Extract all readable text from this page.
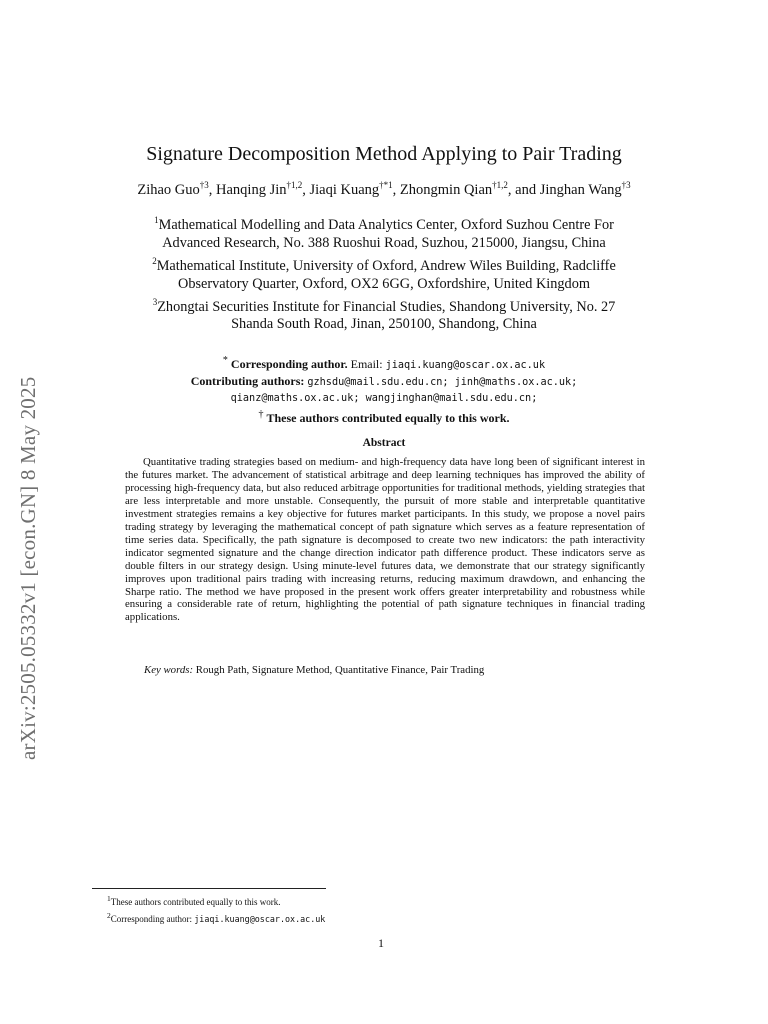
arXiv:2505.05332v1 [econ.GN] 8 May 2025
Signature Decomposition Method Applying to Pair Trading
Zihao Guo$^{\dagger 3}$, Hanqing Jin$^{\dagger 1,2}$, Jiaqi Kuang$^{\dagger*1}$, Zhongmin Qian$^{\dagger 1,2}$, and Jinghan Wang$^{\dagger 3}$
$^1$Mathematical Modelling and Data Analytics Center, Oxford Suzhou Centre For
Advanced Research, No. 388 Ruoshui Road, Suzhou, 215000, Jiangsu, China
$^2$Mathematical Institute, University of Oxford, Andrew Wiles Building, Radcliffe
Observatory Quarter, Oxford, OX2 6GG, Oxfordshire, United Kingdom
$^3$Zhongtai Securities Institute for Financial Studies, Shandong University, No. 27
Shanda South Road, Jinan, 250100, Shandong, China
* Corresponding author. Email: jiaqi.kuang@oscar.ox.ac.uk
Contributing authors: gzhsdu@mail.sdu.edu.cn; jinh@maths.ox.ac.uk;
qianz@maths.ox.ac.uk; wangjinghan@mail.sdu.edu.cn;
† These authors contributed equally to this work.
Abstract
Quantitative trading strategies based on medium- and high-frequency data have long been of significant interest in the futures market. The advancement of statistical arbitrage and deep learning techniques has improved the ability of processing high-frequency data, but also reduced arbitrage opportunities for traditional methods, yielding strategies that are less interpretable and more unstable. Consequently, the pursuit of more stable and interpretable quantitative investment strategies remains a key objective for futures market participants. In this study, we propose a novel pairs trading strategy by leveraging the mathematical concept of path signature which serves as a feature representation of time series data. Specifically, the path signature is decomposed to create two new indicators: the path interactivity indicator segmented signature and the change direction indicator path difference product. These indicators serve as double filters in our strategy design. Using minute-level futures data, we demonstrate that our strategy significantly improves upon traditional pairs trading with increasing returns, reducing maximum drawdown, and enhancing the Sharpe ratio. The method we have proposed in the present work offers greater interpretability and robustness while ensuring a considerable rate of return, highlighting the potential of path signature techniques in financial trading applications.
Key words: Rough Path, Signature Method, Quantitative Finance, Pair Trading
$^1$These authors contributed equally to this work.
$^2$Corresponding author: jiaqi.kuang@oscar.ox.ac.uk
1
